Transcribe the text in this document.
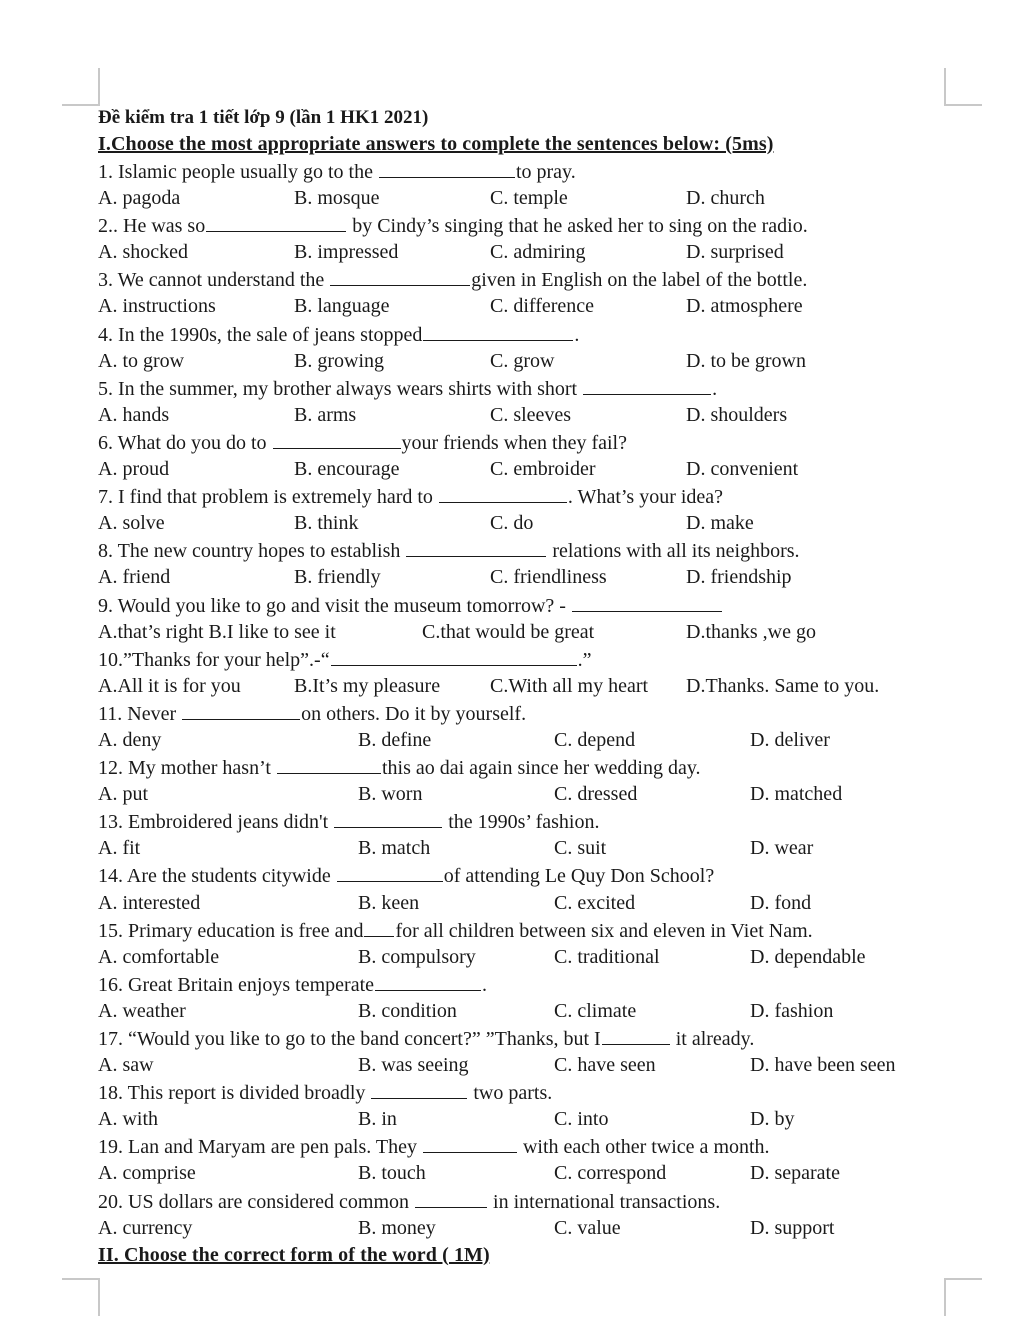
Đề kiểm tra 1 tiết lớp 9 (lần 1 HK1 2021)
I.Choose the most appropriate answers to complete the sentences below: (5ms)
1. Islamic people usually go to the	to pray.
A. pagoda	B. mosque	C. temple	D. church
2.. He was so	by Cindy’s singing that he asked her to sing on the radio.
A. shocked	B. impressed	C. admiring	D. surprised
3. We cannot understand the	given in English on the label of the bottle.
A. instructions	B. language	C. difference	D. atmosphere
4. In the 1990s, the sale of jeans stopped	.
A. to grow	B. growing	C. grow	D. to be grown
5. In the summer, my brother always wears shirts with short	.
A. hands	B. arms	C. sleeves	D. shoulders
6. What do you do to	your friends when they fail?
A. proud	B. encourage	C. embroider	D. convenient
7. I find that problem is extremely hard to	. What’s your idea?
A. solve	B. think	C. do	D. make
8. The new country hopes to establish	relations with all its neighbors.
A. friend	B. friendly	C. friendliness	D. friendship
9. Would you like to go and visit the museum tomorrow? -
A.that’s right B.I like to see it	C.that would be great	D.thanks ,we go
10.”Thanks for your help”.-“	.”
A.All it is for you	B.It’s my pleasure C.With all my heart D.Thanks. Same to you.
11. Never	on others. Do it by yourself.
A. deny	B. define	C. depend	D. deliver
12. My mother hasn’t	this ao dai again since her wedding day.
A. put	B. worn	C. dressed	D. matched
13. Embroidered jeans didn't	the 1990s’ fashion.
A. fit	B. match	C. suit	D. wear
14. Are the students citywide	of attending Le Quy Don School?
A. interested	B. keen	C. excited	D. fond
15. Primary education is free and for all children between six and eleven in Viet Nam.
A. comfortable	B. compulsory	C. traditional	D. dependable
16. Great Britain enjoys temperate	.
A. weather	B. condition	C. climate	D. fashion
17. “Would you like to go to the band concert?” ”Thanks, but I	it already.
A. saw	B. was seeing	C. have seen	D. have been seen
18. This report is divided broadly	two parts.
A. with	B. in	C. into	D. by
19. Lan and Maryam are pen pals. They	with each other twice a month.
A. comprise	B. touch	C. correspond	D. separate
20. US dollars are considered common	in international transactions.
A. currency	B. money	C. value	D. support
II. Choose the correct form of the word ( 1M)
